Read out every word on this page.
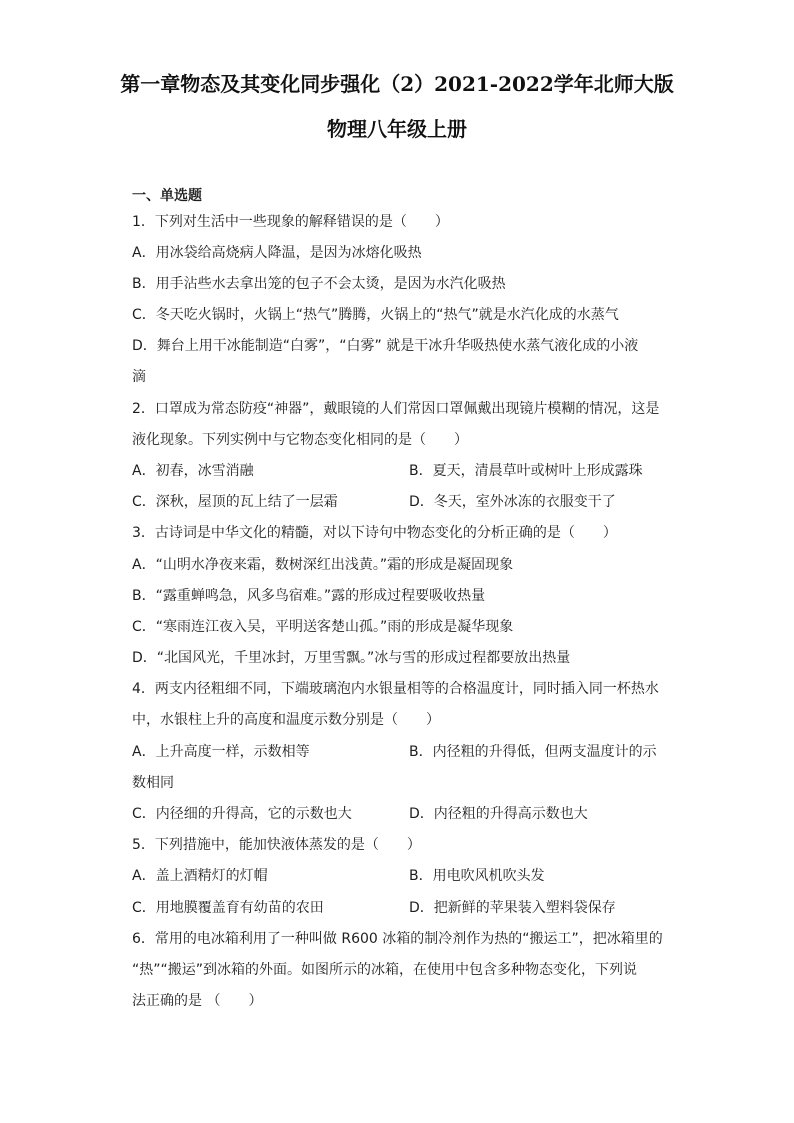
第一章物态及其变化同步强化（2）2021-2022学年北师大版
物理八年级上册
一、单选题
1．下列对生活中一些现象的解释错误的是（　　）
A．用冰袋给高烧病人降温，是因为冰熔化吸热
B．用手沾些水去拿出笼的包子不会太烫，是因为水汽化吸热
C．冬天吃火锅时，火锅上“热气”腾腾，火锅上的“热气”就是水汽化成的水蒸气
D．舞台上用干冰能制造“白雾”，“白雾” 就是干冰升华吸热使水蒸气液化成的小液
滴
2．口罩成为常态防疫“神器”，戴眼镜的人们常因口罩佩戴出现镜片模糊的情况，这是
液化现象。下列实例中与它物态变化相同的是（　　）
A．初春，冰雪消融	B．夏天，清晨草叶或树叶上形成露珠
C．深秋，屋顶的瓦上结了一层霜	D．冬天，室外冰冻的衣服变干了
3．古诗词是中华文化的精髓，对以下诗句中物态变化的分析正确的是（　　）
A．“山明水净夜来霜，数树深红出浅黄。”霜的形成是凝固现象
B．“露重蝉鸣急，风多鸟宿难。”露的形成过程要吸收热量
C．“寒雨连江夜入吴，平明送客楚山孤。”雨的形成是凝华现象
D．“北国风光，千里冰封，万里雪飘。”冰与雪的形成过程都要放出热量
4．两支内径粗细不同，下端玻璃泡内水银量相等的合格温度计，同时插入同一杯热水
中，水银柱上升的高度和温度示数分别是（　　）
A．上升高度一样，示数相等	B．内径粗的升得低，但两支温度计的示
数相同
C．内径细的升得高，它的示数也大	D．内径粗的升得高示数也大
5．下列措施中，能加快液体蒸发的是（　　）
A．盖上酒精灯的灯帽	B．用电吹风机吹头发
C．用地膜覆盖育有幼苗的农田	D．把新鲜的苹果装入塑料袋保存
6．常用的电冰箱利用了一种叫做 R600 冰箱的制冷剂作为热的“搬运工”，把冰箱里的
“热”“搬运”到冰箱的外面。如图所示的冰箱，在使用中包含多种物态变化，下列说
法正确的是 （　　）
